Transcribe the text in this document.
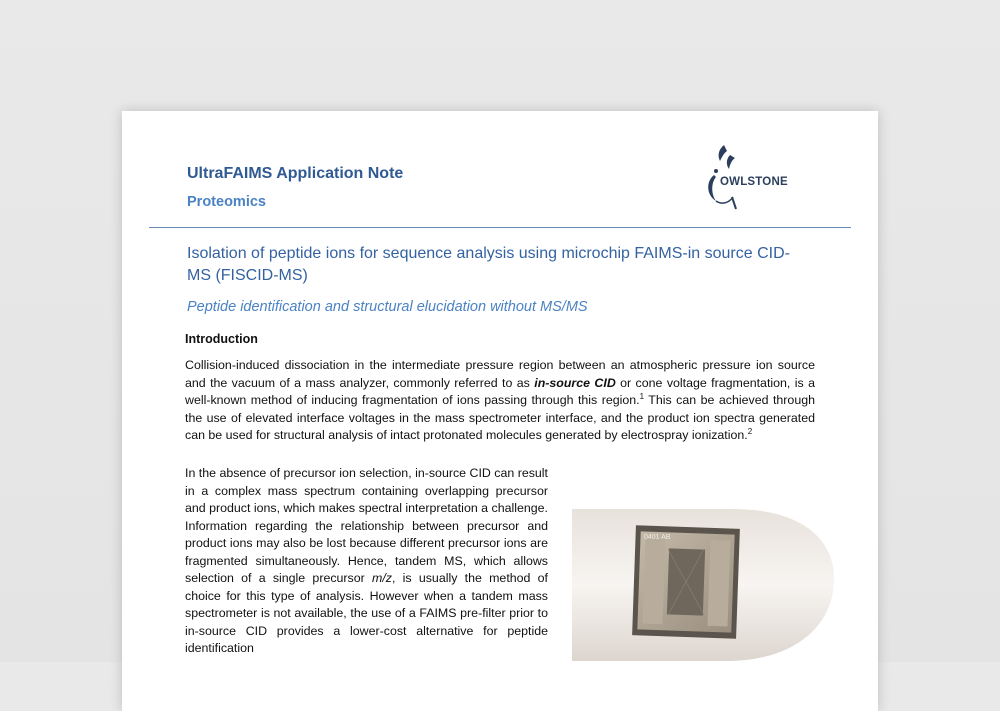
UltraFAIMS Application Note
Proteomics
OWLSTONE
Isolation of peptide ions for sequence analysis using microchip FAIMS-in source CID-MS (FISCID-MS)
Peptide identification and structural elucidation without MS/MS
Introduction

Collision-induced dissociation in the intermediate pressure region between an atmospheric pressure ion source and the vacuum of a mass analyzer, commonly referred to as in-source CID or cone voltage fragmentation, is a well-known method of inducing fragmentation of ions passing through this region.$^1$ This can be achieved through the use of elevated interface voltages in the mass spectrometer interface, and the product ion spectra generated can be used for structural analysis of intact protonated molecules generated by electrospray ionization.$^2$

In the absence of precursor ion selection, in-source CID can result in a complex mass spectrum containing overlapping precursor and product ions, which makes spectral interpretation a challenge. Information regarding the relationship between precursor and product ions may also be lost because different precursor ions are fragmented simultaneously. Hence, tandem MS, which allows selection of a single precursor m/z, is usually the method of choice for this type of analysis. However when a tandem mass spectrometer is not available, the use of a FAIMS pre-filter prior to in-source CID provides a lower-cost alternative for peptide identification

0401 AB
